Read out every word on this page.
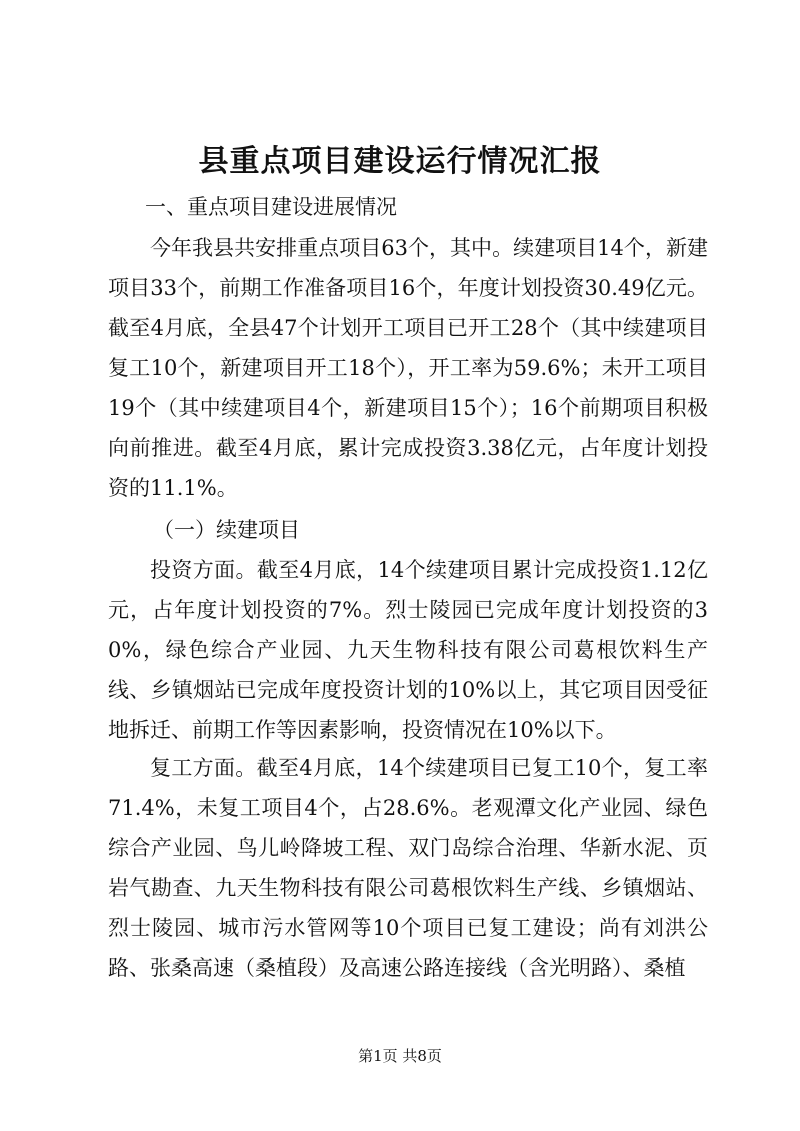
县重点项目建设运行情况汇报

一、重点项目建设进展情况

今年我县共安排重点项目63个，其中。续建项目14个，新建项目33个，前期工作准备项目16个，年度计划投资30.49亿元。截至4月底，全县47个计划开工项目已开工28个（其中续建项目复工10个，新建项目开工18个），开工率为59.6%；未开工项目19个（其中续建项目4个，新建项目15个）；16个前期项目积极向前推进。截至4月底，累计完成投资3.38亿元，占年度计划投资的11.1%。

（一）续建项目

投资方面。截至4月底，14个续建项目累计完成投资1.12亿元，占年度计划投资的7%。烈士陵园已完成年度计划投资的30%，绿色综合产业园、九天生物科技有限公司葛根饮料生产线、乡镇烟站已完成年度投资计划的10%以上，其它项目因受征地拆迁、前期工作等因素影响，投资情况在10%以下。

复工方面。截至4月底，14个续建项目已复工10个，复工率71.4%，未复工项目4个，占28.6%。老观潭文化产业园、绿色综合产业园、鸟儿岭降坡工程、双门岛综合治理、华新水泥、页岩气勘查、九天生物科技有限公司葛根饮料生产线、乡镇烟站、烈士陵园、城市污水管网等10个项目已复工建设；尚有刘洪公路、张桑高速（桑植段）及高速公路连接线（含光明路）、桑植

第1页 共8页
